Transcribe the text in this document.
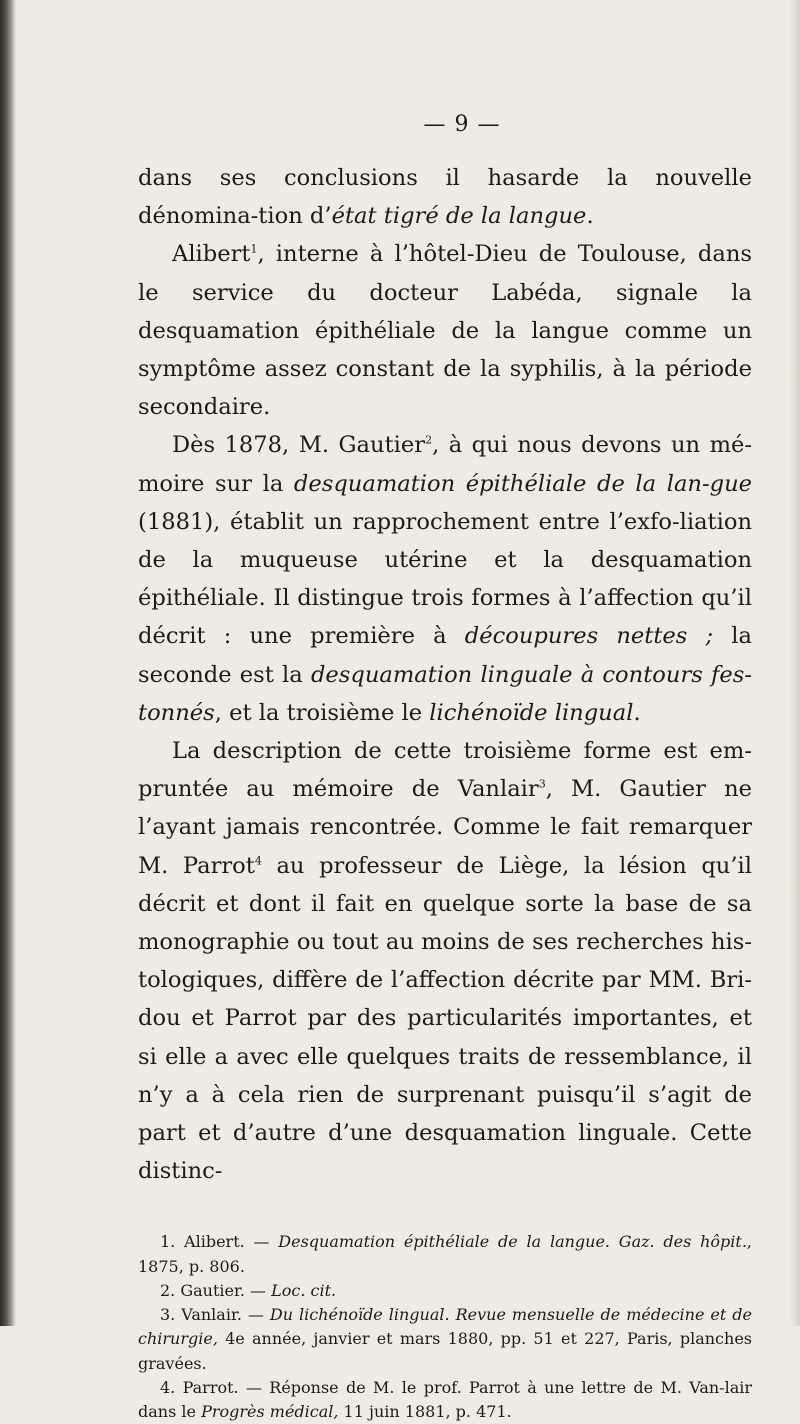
— 9 —

dans ses conclusions il hasarde la nouvelle dénomina-tion d’état tigré de la langue.

Alibert$^1$, interne à l’hôtel-Dieu de Toulouse, dans le service du docteur Labéda, signale la desquamation épithéliale de la langue comme un symptôme assez constant de la syphilis, à la période secondaire.

Dès 1878, M. Gautier$^2$, à qui nous devons un mé-moire sur la desquamation épithéliale de la lan-gue (1881), établit un rapprochement entre l’exfo-liation de la muqueuse utérine et la desquamation épithéliale. Il distingue trois formes à l’affection qu’il décrit : une première à découpures nettes ; la seconde est la desquamation linguale à contours fes-tonnés, et la troisième le lichénoïde lingual.

La description de cette troisième forme est em-pruntée au mémoire de Vanlair$^3$, M. Gautier ne l’ayant jamais rencontrée. Comme le fait remarquer M. Parrot$^4$ au professeur de Liège, la lésion qu’il décrit et dont il fait en quelque sorte la base de sa monographie ou tout au moins de ses recherches his-tologiques, diffère de l’affection décrite par MM. Bri-dou et Parrot par des particularités importantes, et si elle a avec elle quelques traits de ressemblance, il n’y a à cela rien de surprenant puisqu’il s’agit de part et d’autre d’une desquamation linguale. Cette distinc-

1. Alibert. — Desquamation épithéliale de la langue. Gaz. des hôpit., 1875, p. 806.

2. Gautier. — Loc. cit.

3. Vanlair. — Du lichénoïde lingual. Revue mensuelle de médecine et de chirurgie, 4e année, janvier et mars 1880, pp. 51 et 227, Paris, planches gravées.

4. Parrot. — Réponse de M. le prof. Parrot à une lettre de M. Van-lair dans le Progrès médical, 11 juin 1881, p. 471.
